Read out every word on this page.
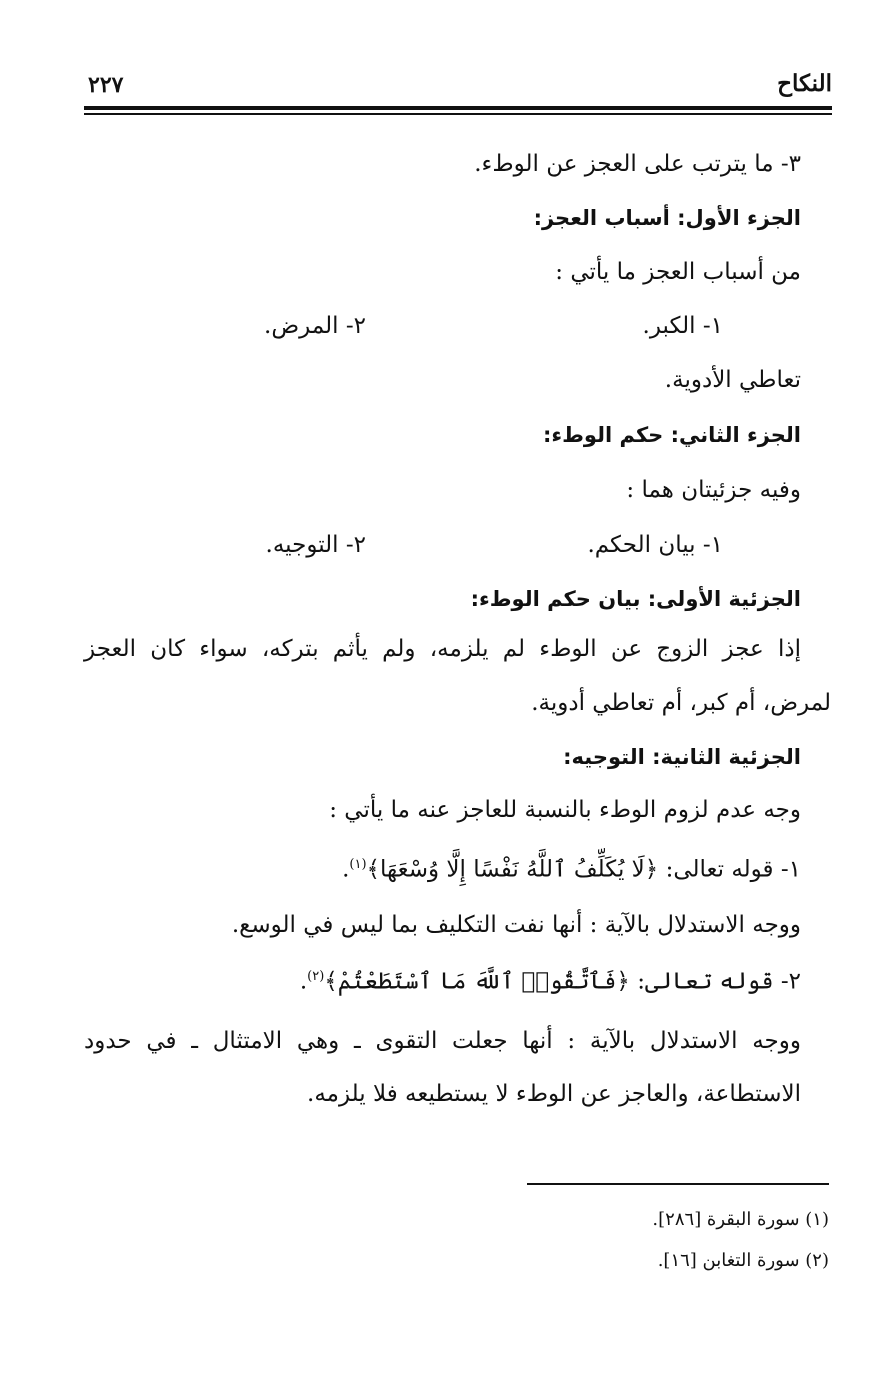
النكاح
٢٢٧
٣- ما يترتب على العجز عن الوطء.
الجزء الأول: أسباب العجز:
من أسباب العجز ما يأتي :
١- الكبر.
٢- المرض.
تعاطي الأدوية.
الجزء الثاني: حكم الوطء:
وفيه جزئيتان هما :
١- بيان الحكم.
٢- التوجيه.
الجزئية الأولى: بيان حكم الوطء:
إذا عجز الزوج عن الوطء لم يلزمه، ولم يأثم بتركه، سواء كان العجز
لمرض، أم كبر، أم تعاطي أدوية.
الجزئية الثانية: التوجيه:
وجه عدم لزوم الوطء بالنسبة للعاجز عنه ما يأتي :
١- قوله تعالى: ﴿لَا يُكَلِّفُ ٱللَّهُ نَفْسًا إِلَّا وُسْعَهَا﴾$^{(١)}$.
ووجه الاستدلال بالآية : أنها نفت التكليف بما ليس في الوسع.
٢- قوله تعالى: ﴿فَٱتَّقُوا۟ ٱللَّهَ مَا ٱسْتَطَعْتُمْ﴾$^{(٢)}$.
ووجه الاستدلال بالآية : أنها جعلت التقوى ـ وهي الامتثال ـ في حدود
الاستطاعة، والعاجز عن الوطء لا يستطيعه فلا يلزمه.
(١) سورة البقرة [٢٨٦].
(٢) سورة التغابن [١٦].
